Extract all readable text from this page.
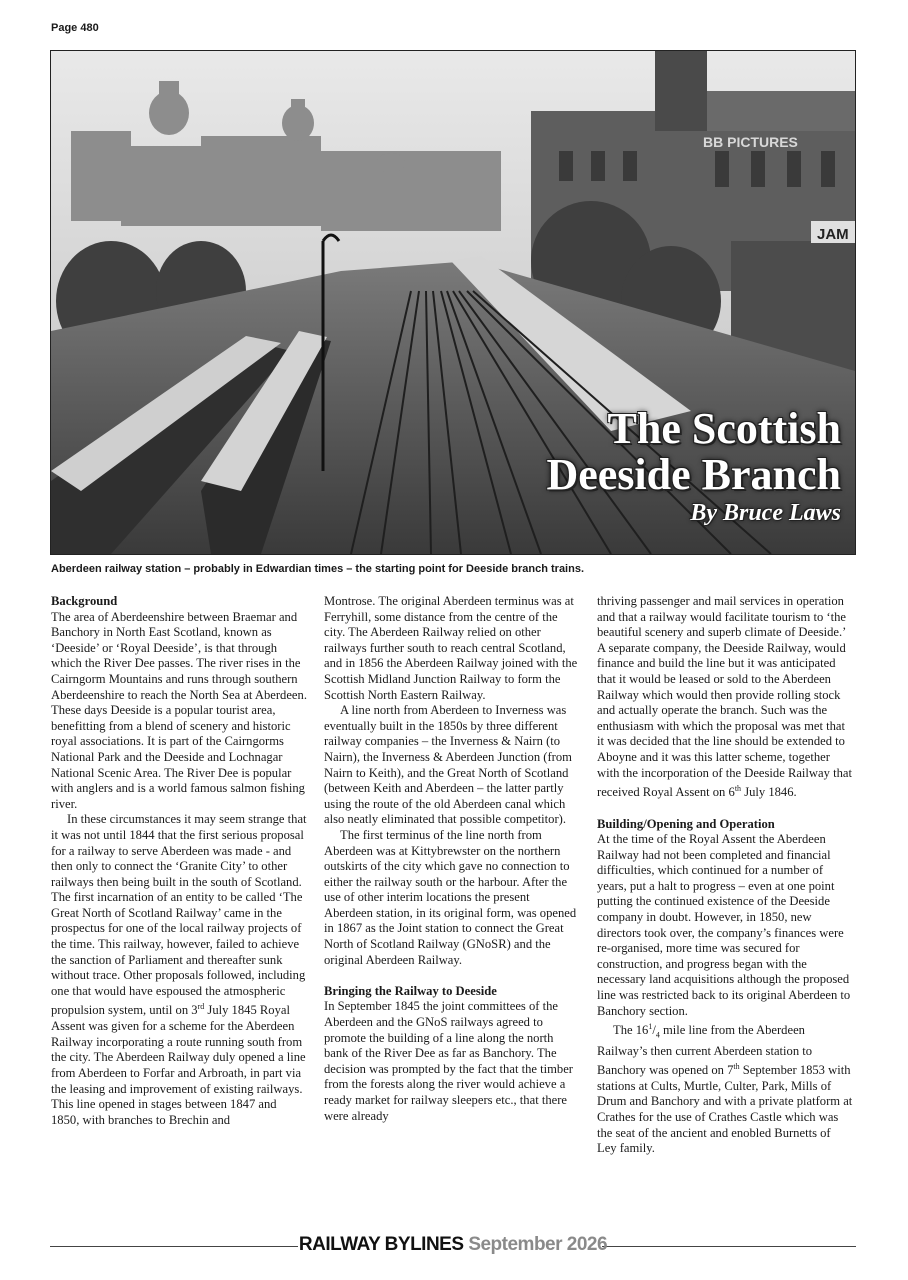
Page 480
BB PICTURES
JAM
The Scottish
Deeside Branch
By Bruce Laws
Aberdeen railway station – probably in Edwardian times – the starting point for Deeside branch trains.
Background

The area of Aberdeenshire between Braemar and Banchory in North East Scotland, known as ‘Deeside’ or ‘Royal Deeside’, is that through which the River Dee passes. The river rises in the Cairngorm Mountains and runs through southern Aberdeenshire to reach the North Sea at Aberdeen. These days Deeside is a popular tourist area, benefitting from a blend of scenery and historic royal associations. It is part of the Cairngorms National Park and the Deeside and Lochnagar National Scenic Area. The River Dee is popular with anglers and is a world famous salmon fishing river.

In these circumstances it may seem strange that it was not until 1844 that the first serious proposal for a railway to serve Aberdeen was made - and then only to connect the ‘Granite City’ to other railways then being built in the south of Scotland. The first incarnation of an entity to be called ‘The Great North of Scotland Railway’ came in the prospectus for one of the local railway projects of the time. This railway, however, failed to achieve the sanction of Parliament and thereafter sunk without trace. Other proposals followed, including one that would have espoused the atmospheric propulsion system, until on 3rd July 1845 Royal Assent was given for a scheme for the Aberdeen Railway incorporating a route running south from the city. The Aberdeen Railway duly opened a line from Aberdeen to Forfar and Arbroath, in part via the leasing and improvement of existing railways. This line opened in stages between 1847 and 1850, with branches to Brechin and

Montrose. The original Aberdeen terminus was at Ferryhill, some distance from the centre of the city. The Aberdeen Railway relied on other railways further south to reach central Scotland, and in 1856 the Aberdeen Railway joined with the Scottish Midland Junction Railway to form the Scottish North Eastern Railway.

A line north from Aberdeen to Inverness was eventually built in the 1850s by three different railway companies – the Inverness & Nairn (to Nairn), the Inverness & Aberdeen Junction (from Nairn to Keith), and the Great North of Scotland (between Keith and Aberdeen – the latter partly using the route of the old Aberdeen canal which also neatly eliminated that possible competitor).

The first terminus of the line north from Aberdeen was at Kittybrewster on the northern outskirts of the city which gave no connection to either the railway south or the harbour. After the use of other interim locations the present Aberdeen station, in its original form, was opened in 1867 as the Joint station to connect the Great North of Scotland Railway (GNoSR) and the original Aberdeen Railway.

Bringing the Railway to Deeside

In September 1845 the joint committees of the Aberdeen and the GNoS railways agreed to promote the building of a line along the north bank of the River Dee as far as Banchory. The decision was prompted by the fact that the timber from the forests along the river would achieve a ready market for railway sleepers etc., that there were already

thriving passenger and mail services in operation and that a railway would facilitate tourism to ‘the beautiful scenery and superb climate of Deeside.’ A separate company, the Deeside Railway, would finance and build the line but it was anticipated that it would be leased or sold to the Aberdeen Railway which would then provide rolling stock and actually operate the branch. Such was the enthusiasm with which the proposal was met that it was decided that the line should be extended to Aboyne and it was this latter scheme, together with the incorporation of the Deeside Railway that received Royal Assent on 6th July 1846.

Building/Opening and Operation

At the time of the Royal Assent the Aberdeen Railway had not been completed and financial difficulties, which continued for a number of years, put a halt to progress – even at one point putting the continued existence of the Deeside company in doubt. However, in 1850, new directors took over, the company’s finances were re-organised, more time was secured for construction, and progress began with the necessary land acquisitions although the proposed line was restricted back to its original Aberdeen to Banchory section.

The $16^1/_4$ mile line from the Aberdeen Railway’s then current Aberdeen station to Banchory was opened on 7th September 1853 with stations at Cults, Murtle, Culter, Park, Mills of Drum and Banchory and with a private platform at Crathes for the use of Crathes Castle which was the seat of the ancient and enobled Burnetts of Ley family.

RAILWAY BYLINES September 2026
